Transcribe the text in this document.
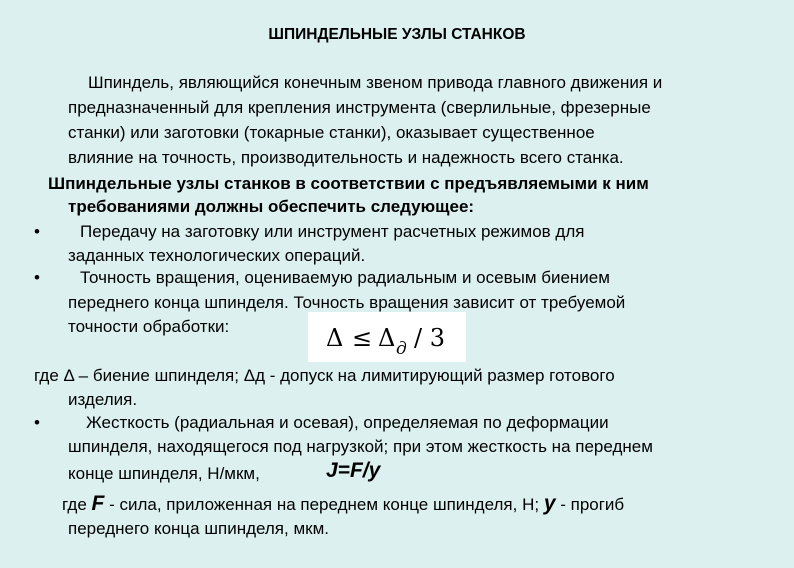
ШПИНДЕЛЬНЫЕ УЗЛЫ СТАНКОВ
Шпиндель, являющийся конечным звеном привода главного движения и
предназначенный для крепления инструмента (сверлильные, фрезерные
станки) или заготовки (токарные станки), оказывает существенное
влияние на точность, производительность и надежность всего станка.
Шпиндельные узлы станков в соответствии с предъявляемыми к ним
требованиями должны обеспечить следующее:
• Передачу на заготовку или инструмент расчетных режимов для
заданных технологических операций.
• Точность вращения, оцениваемую радиальным и осевым биением
переднего конца шпинделя. Точность вращения зависит от требуемой
точности обработки:	Δ ≤ Δ д / 3
где Δ – биение шпинделя; Δд - допуск на лимитирующий размер готового
изделия.
•	Жесткость (радиальная и осевая), определяемая по деформации
шпинделя, находящегося под нагрузкой; при этом жесткость на переднем
конце шпинделя, Н/мкм,	J=F/y
где F - сила, приложенная на переднем конце шпинделя, Н; y - прогиб
переднего конца шпинделя, мкм.
